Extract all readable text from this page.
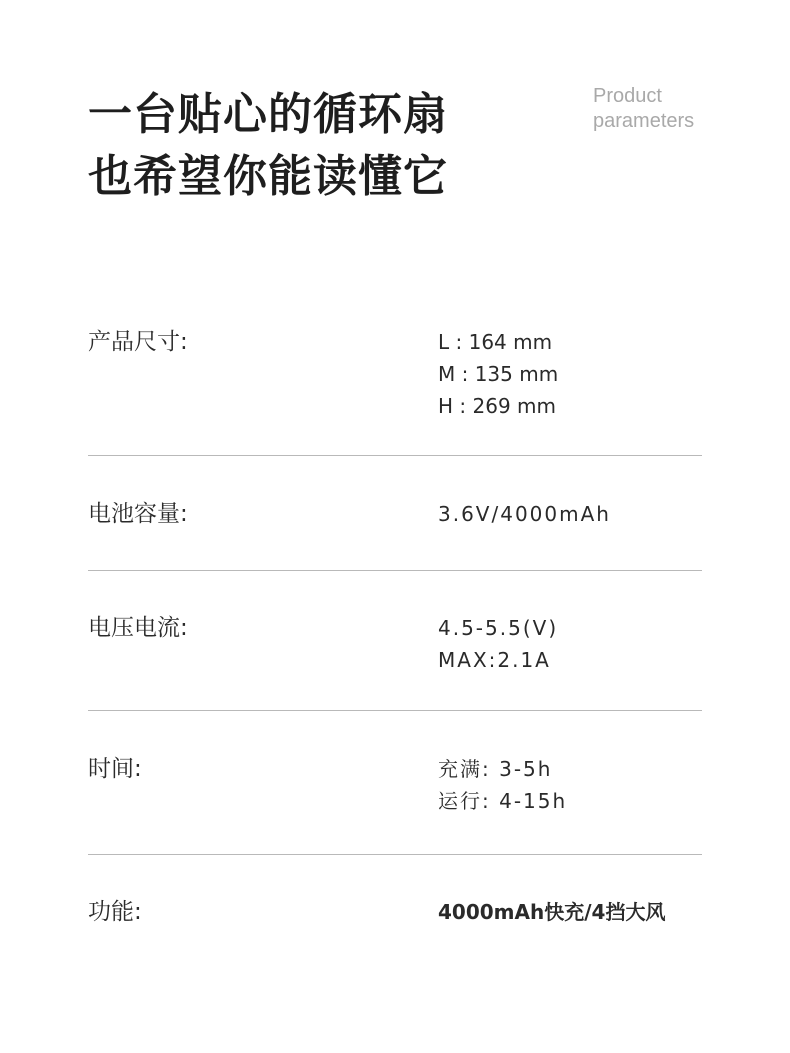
一台贴心的循环扇
也希望你能读懂它
Product
parameters
产品尺寸:	L : 164 mm
M : 135 mm
H : 269 mm
电池容量:	3.6V/4000mAh
电压电流:	4.5-5.5(V)
MAX:2.1A
时间:	充满: 3-5h
运行: 4-15h
功能:	4000mAh快充/4挡大风
